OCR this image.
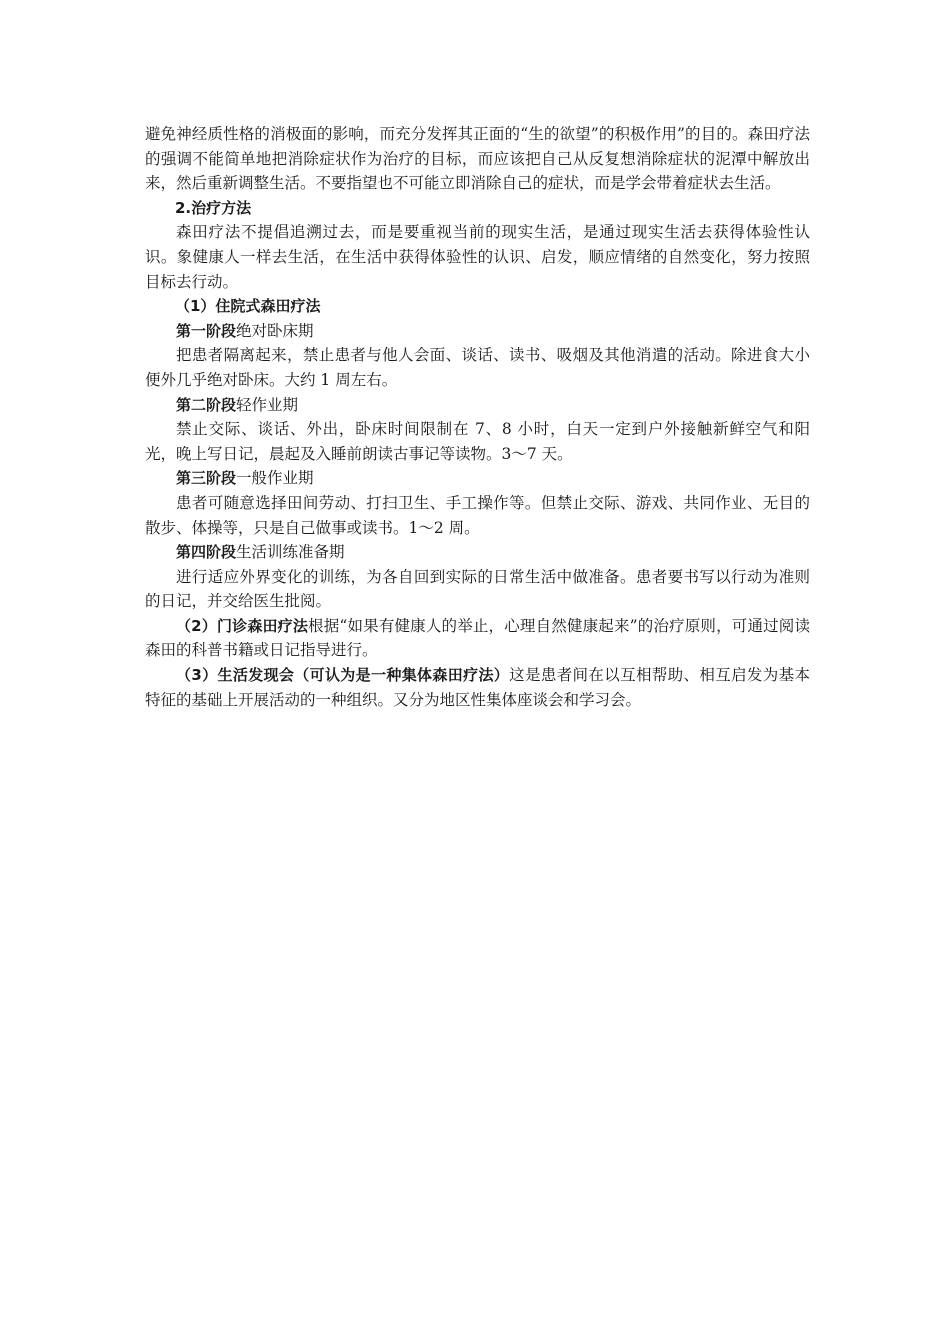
避免神经质性格的消极面的影响，而充分发挥其正面的“生的欲望”的积极作用”的目的。森田疗法的强调不能简单地把消除症状作为治疗的目标，而应该把自己从反复想消除症状的泥潭中解放出来，然后重新调整生活。不要指望也不可能立即消除自己的症状，而是学会带着症状去生活。

2.治疗方法

森田疗法不提倡追溯过去，而是要重视当前的现实生活，是通过现实生活去获得体验性认识。象健康人一样去生活，在生活中获得体验性的认识、启发，顺应情绪的自然变化，努力按照目标去行动。

（1）住院式森田疗法

第一阶段绝对卧床期

把患者隔离起来，禁止患者与他人会面、谈话、读书、吸烟及其他消遣的活动。除进食大小便外几乎绝对卧床。大约 1 周左右。

第二阶段轻作业期

禁止交际、谈话、外出，卧床时间限制在 7、8 小时，白天一定到户外接触新鲜空气和阳光，晚上写日记，晨起及入睡前朗读古事记等读物。3～7 天。

第三阶段一般作业期

患者可随意选择田间劳动、打扫卫生、手工操作等。但禁止交际、游戏、共同作业、无目的散步、体操等，只是自己做事或读书。1～2 周。

第四阶段生活训练准备期

进行适应外界变化的训练，为各自回到实际的日常生活中做准备。患者要书写以行动为准则的日记，并交给医生批阅。

（2）门诊森田疗法根据“如果有健康人的举止，心理自然健康起来”的治疗原则，可通过阅读森田的科普书籍或日记指导进行。

（3）生活发现会（可认为是一种集体森田疗法）这是患者间在以互相帮助、相互启发为基本特征的基础上开展活动的一种组织。又分为地区性集体座谈会和学习会。
